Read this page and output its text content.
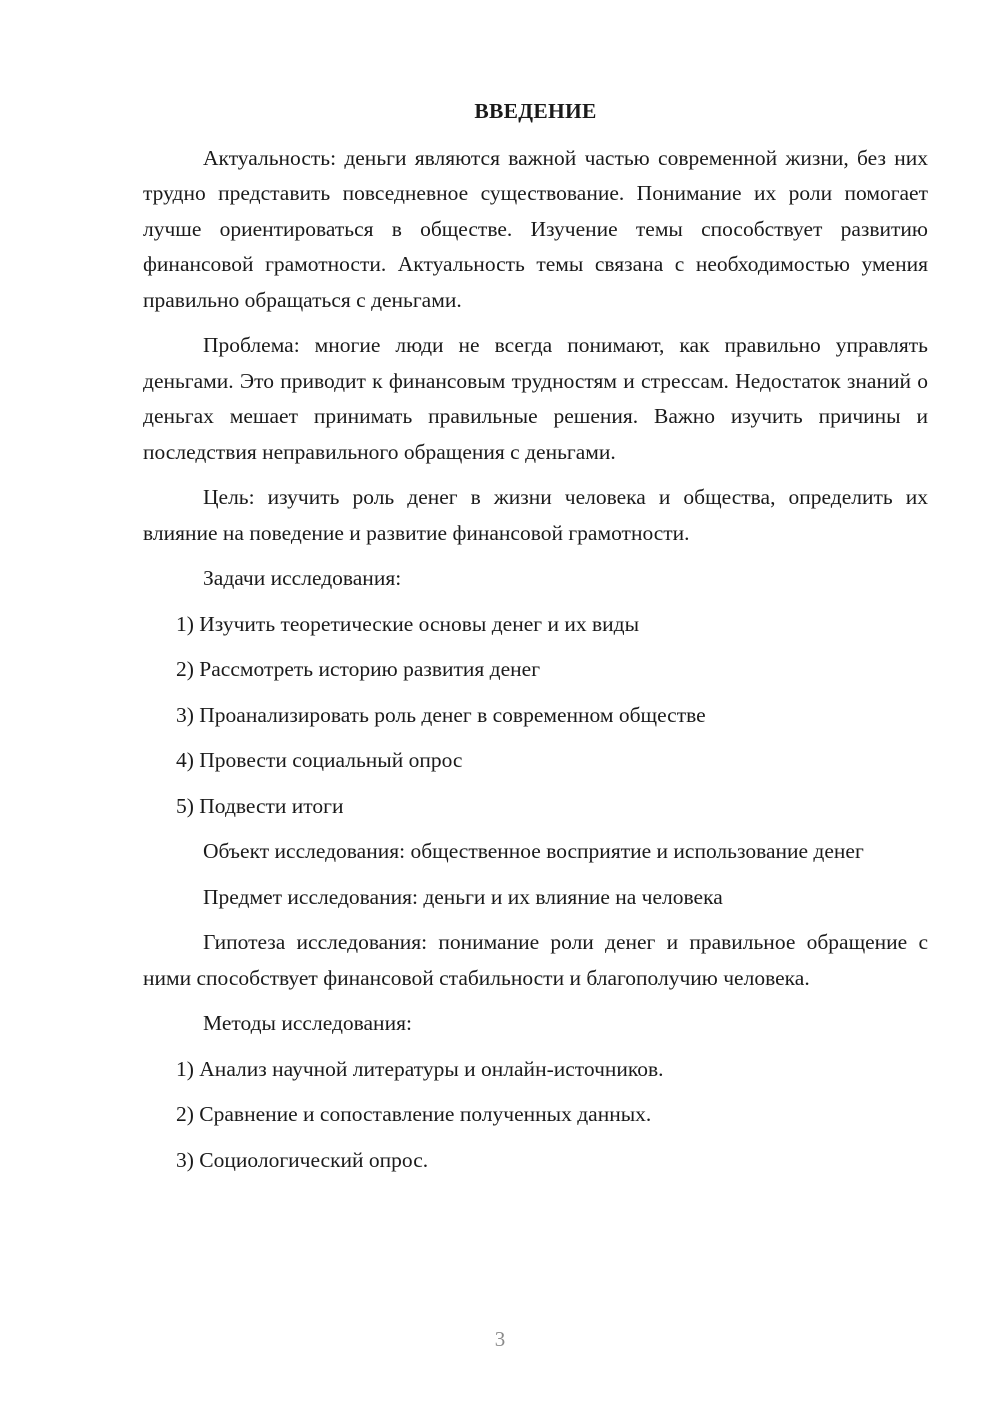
ВВЕДЕНИЕ

Актуальность: деньги являются важной частью современной жизни, без них трудно представить повседневное существование. Понимание их роли помогает лучше ориентироваться в обществе. Изучение темы способствует развитию финансовой грамотности. Актуальность темы связана с необходимостью умения правильно обращаться с деньгами.

Проблема: многие люди не всегда понимают, как правильно управлять деньгами. Это приводит к финансовым трудностям и стрессам. Недостаток знаний о деньгах мешает принимать правильные решения. Важно изучить причины и последствия неправильного обращения с деньгами.

Цель: изучить роль денег в жизни человека и общества, определить их влияние на поведение и развитие финансовой грамотности.

Задачи исследования:
1) Изучить теоретические основы денег и их виды
2) Рассмотреть историю развития денег
3) Проанализировать роль денег в современном обществе
4) Провести социальный опрос
5) Подвести итоги

Объект исследования: общественное восприятие и использование денег

Предмет исследования: деньги и их влияние на человека

Гипотеза исследования: понимание роли денег и правильное обращение с ними способствует финансовой стабильности и благополучию человека.

Методы исследования:
1) Анализ научной литературы и онлайн-источников.
2) Сравнение и сопоставление полученных данных.
3) Социологический опрос.
3
